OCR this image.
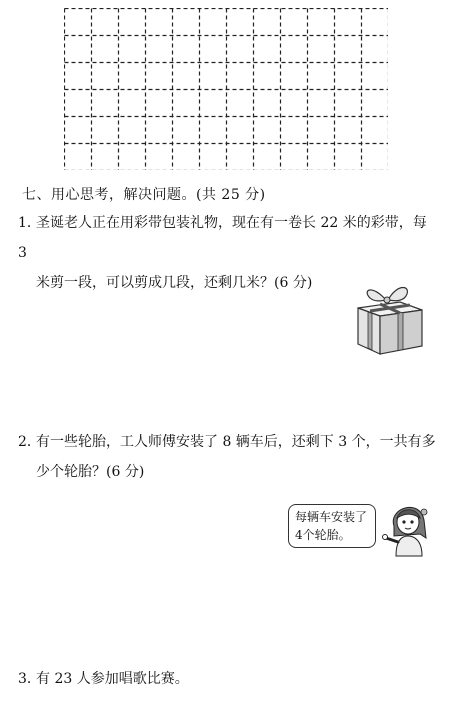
七、用心思考，解决问题。(共 25 分)
1．圣诞老人正在用彩带包装礼物，现在有一卷长 22 米的彩带，每 3
米剪一段，可以剪成几段，还剩几米？(6 分)
2．有一些轮胎，工人师傅安装了 8 辆车后，还剩下 3 个，一共有多
少个轮胎？(6 分)
每辆车安装了
4个轮胎。
3．有 23 人参加唱歌比赛。
